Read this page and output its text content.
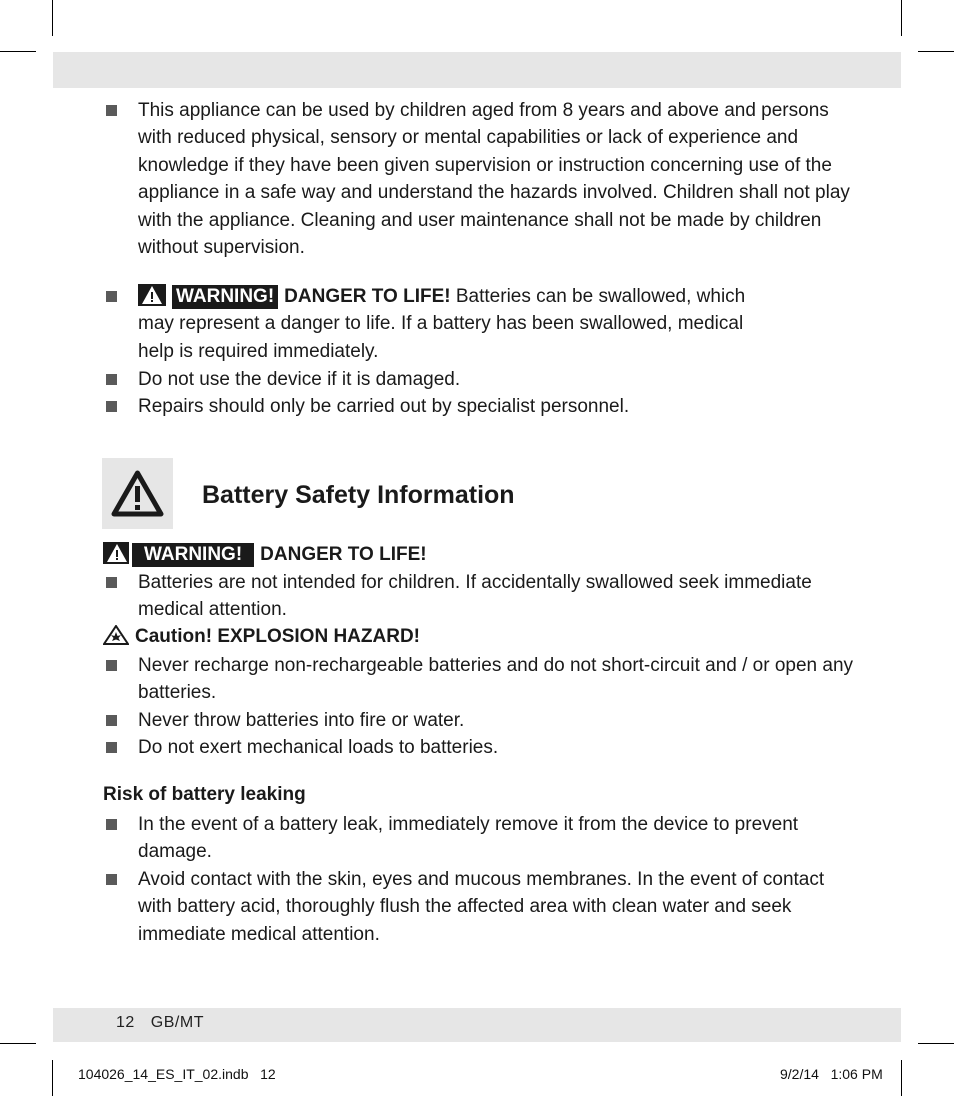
This appliance can be used by children aged from 8 years and above and persons with reduced physical, sensory or mental capabilities or lack of experience and knowledge if they have been given supervision or instruction concerning use of the appliance in a safe way and understand the hazards involved. Children shall not play with the appliance. Cleaning and user maintenance shall not be made by children without supervision.
WARNING! DANGER TO LIFE! Batteries can be swallowed, which may represent a danger to life. If a battery has been swallowed, medical help is required immediately.
Do not use the device if it is damaged.
Repairs should only be carried out by specialist personnel.
Battery Safety Information
WARNING! DANGER TO LIFE!
Batteries are not intended for children. If accidentally swallowed seek immediate medical attention.
Caution! EXPLOSION HAZARD!
Never recharge non-rechargeable batteries and do not short-circuit and / or open any batteries.
Never throw batteries into fire or water.
Do not exert mechanical loads to batteries.
Risk of battery leaking
In the event of a battery leak, immediately remove it from the device to prevent damage.
Avoid contact with the skin, eyes and mucous membranes. In the event of contact with battery acid, thoroughly flush the affected area with clean water and seek immediate medical attention.
12 GB/MT
104026_14_ES_IT_02.indb   12	9/2/14   1:06 PM
